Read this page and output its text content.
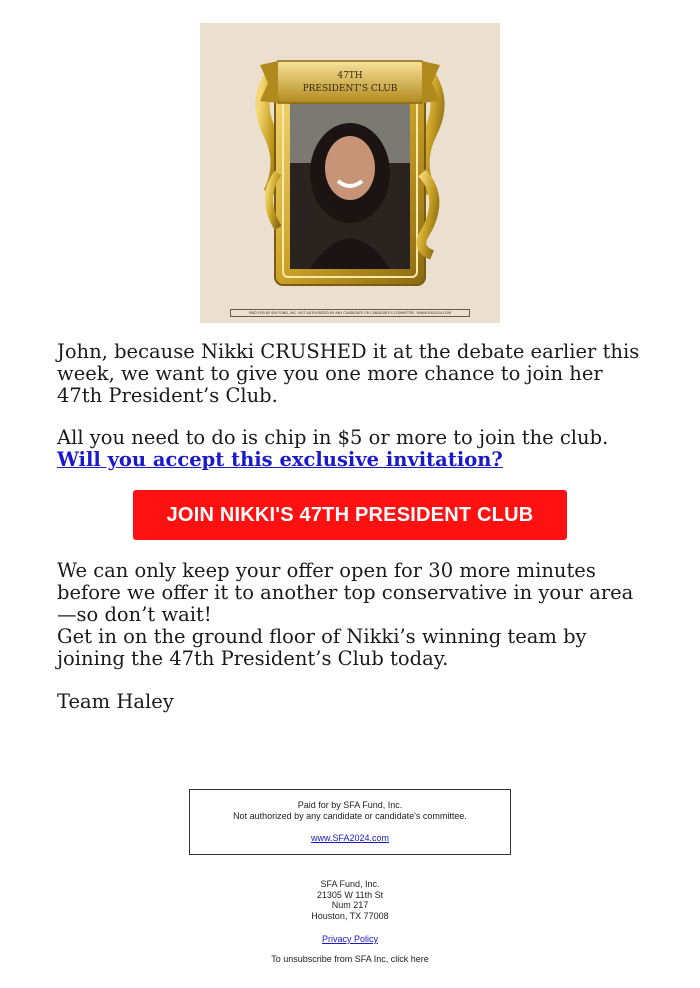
47TH
PRESIDENT'S CLUB
PAID FOR BY SFA FUND, INC. NOT AUTHORIZED BY ANY CANDIDATE OR CANDIDATE'S COMMITTEE. WWW.SFA2024.COM

John, because Nikki CRUSHED it at the debate earlier this week, we want to give you one more chance to join her 47th President’s Club.

All you need to do is chip in $5 or more to join the club. Will you accept this exclusive invitation?

JOIN NIKKI'S 47TH PRESIDENT CLUB

We can only keep your offer open for 30 more minutes before we offer it to another top conservative in your area—so don’t wait!

Get in on the ground floor of Nikki’s winning team by joining the 47th President’s Club today.

Team Haley

Paid for by SFA Fund, Inc.
Not authorized by any candidate or candidate's committee.
www.SFA2024.com
SFA Fund, Inc.
21305 W 11th St
Num 217
Houston, TX 77008
Privacy Policy
To unsubscribe from SFA Inc, click here
